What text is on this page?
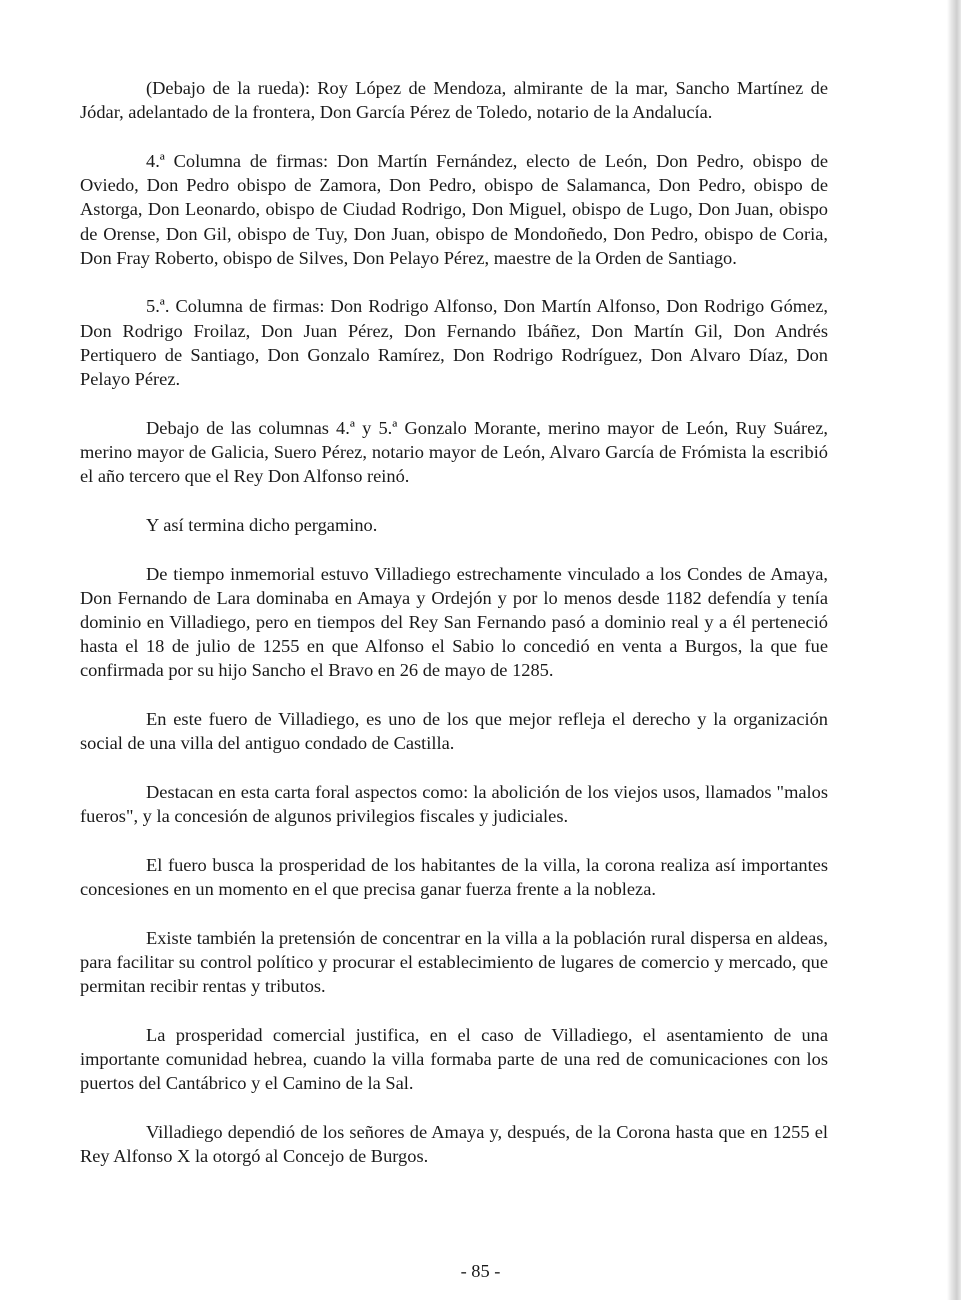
(Debajo de la rueda): Roy López de Mendoza, almirante de la mar, Sancho Martínez de Jódar, adelantado de la frontera, Don García Pérez de Toledo, notario de la Andalucía.

4.ª Columna de firmas: Don Martín Fernández, electo de León, Don Pedro, obispo de Oviedo, Don Pedro obispo de Zamora, Don Pedro, obispo de Salamanca, Don Pedro, obispo de Astorga, Don Leonardo, obispo de Ciudad Rodrigo, Don Miguel, obispo de Lugo, Don Juan, obispo de Orense, Don Gil, obispo de Tuy, Don Juan, obispo de Mondoñedo, Don Pedro, obispo de Coria, Don Fray Roberto, obispo de Silves, Don Pelayo Pérez, maestre de la Orden de Santiago.

5.ª. Columna de firmas: Don Rodrigo Alfonso, Don Martín Alfonso, Don Rodrigo Gómez, Don Rodrigo Froilaz, Don Juan Pérez, Don Fernando Ibáñez, Don Martín Gil, Don Andrés Pertiquero de Santiago, Don Gonzalo Ramírez, Don Rodrigo Rodríguez, Don Alvaro Díaz, Don Pelayo Pérez.

Debajo de las columnas 4.ª y 5.ª Gonzalo Morante, merino mayor de León, Ruy Suárez, merino mayor de Galicia, Suero Pérez, notario mayor de León, Alvaro García de Frómista la escribió el año tercero que el Rey Don Alfonso reinó.

Y así termina dicho pergamino.

De tiempo inmemorial estuvo Villadiego estrechamente vinculado a los Condes de Amaya, Don Fernando de Lara dominaba en Amaya y Ordejón y por lo menos desde 1182 defendía y tenía dominio en Villadiego, pero en tiempos del Rey San Fernando pasó a dominio real y a él perteneció hasta el 18 de julio de 1255 en que Alfonso el Sabio lo concedió en venta a Burgos, la que fue confirmada por su hijo Sancho el Bravo en 26 de mayo de 1285.

En este fuero de Villadiego, es uno de los que mejor refleja el derecho y la organización social de una villa del antiguo condado de Castilla.

Destacan en esta carta foral aspectos como: la abolición de los viejos usos, llamados "malos fueros", y la concesión de algunos privilegios fiscales y judiciales.

El fuero busca la prosperidad de los habitantes de la villa, la corona realiza así importantes concesiones en un momento en el que precisa ganar fuerza frente a la nobleza.

Existe también la pretensión de concentrar en la villa a la población rural dispersa en aldeas, para facilitar su control político y procurar el establecimiento de lugares de comercio y mercado, que permitan recibir rentas y tributos.

La prosperidad comercial justifica, en el caso de Villadiego, el asentamiento de una importante comunidad hebrea, cuando la villa formaba parte de una red de comunicaciones con los puertos del Cantábrico y el Camino de la Sal.

Villadiego dependió de los señores de Amaya y, después, de la Corona hasta que en 1255 el Rey Alfonso X la otorgó al Concejo de Burgos.

- 85 -
